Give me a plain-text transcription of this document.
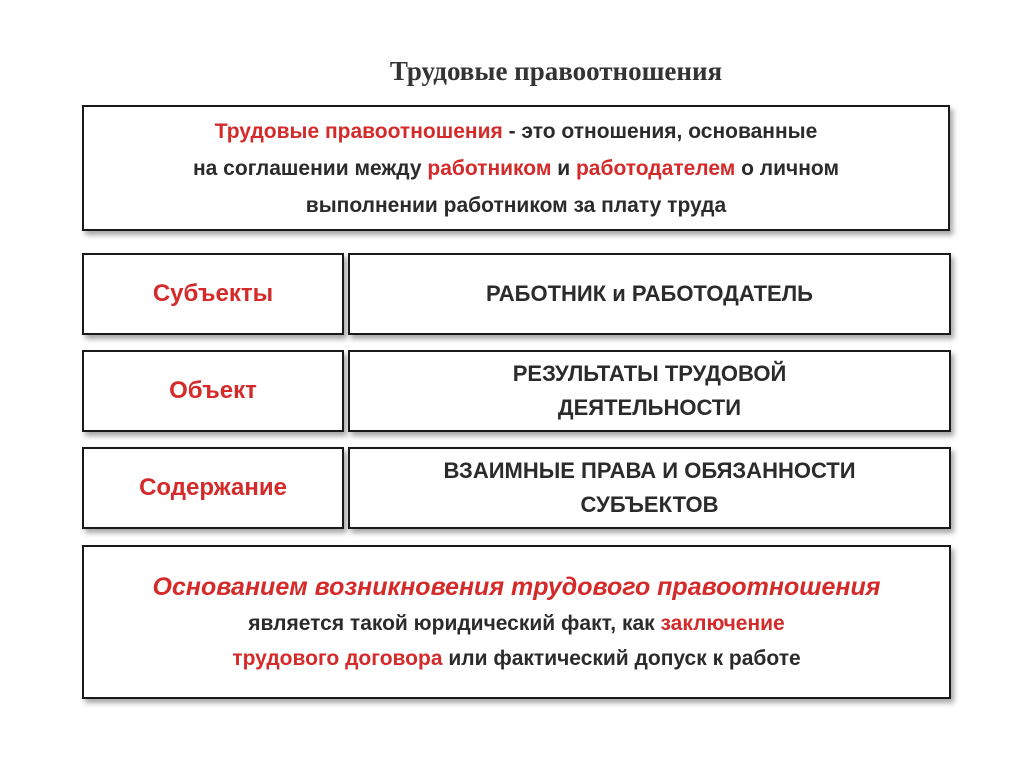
Трудовые правоотношения
Трудовые правоотношения - это отношения, основанные
на соглашении между работником и работодателем о личном
выполнении работником за плату труда
Субъекты	РАБОТНИК и РАБОТОДАТЕЛЬ
Объект
РЕЗУЛЬТАТЫ ТРУДОВОЙ
ДЕЯТЕЛЬНОСТИ
Содержание
ВЗАИМНЫЕ ПРАВА И ОБЯЗАННОСТИ
СУБЪЕКТОВ
Основанием возникновения трудового правоотношения
является такой юридический факт, как заключение
трудового договора или фактический допуск к работе
